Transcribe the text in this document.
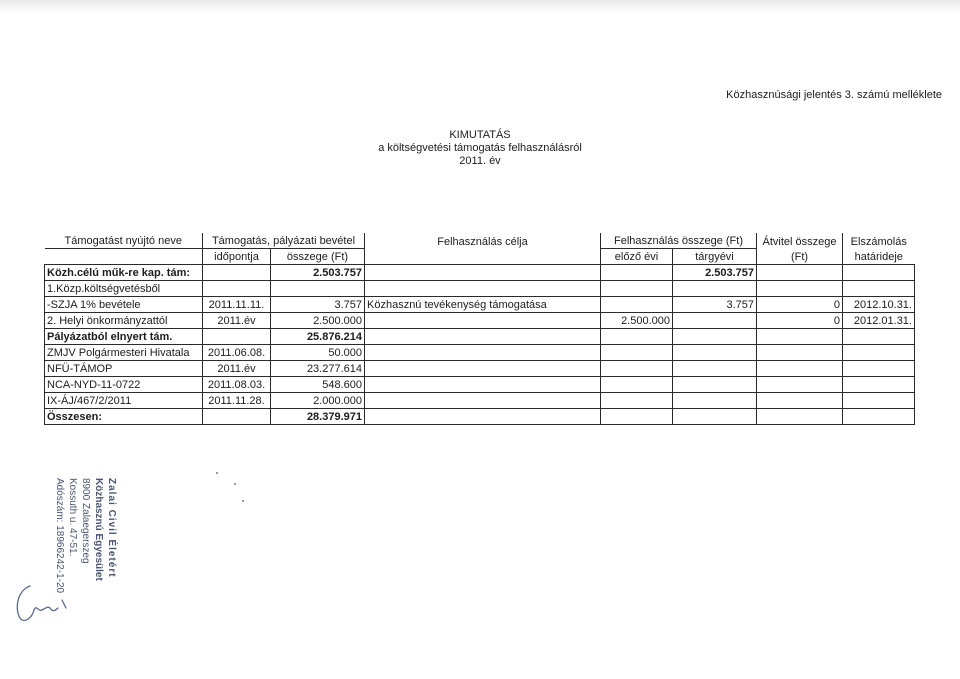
Közhasznúsági jelentés 3. számú melléklete
KIMUTATÁS
a költségvetési támogatás felhasználásról
2011. év
Támogatást nyújtó neve	Támogatás, pályázati bevétel		Felhasználás célja	Felhasználás összege (Ft)		Átvitel összege	Elszámolás
	időpontja	összege (Ft)		előző évi	tárgyévi	(Ft)	határideje
Közh.célú műk-re kap. tám:		2.503.757			2.503.757		
1.Közp.költségvetésből							
-SZJA 1% bevétele	2011.11.11.	3.757	Közhasznú tevékenység támogatása		3.757	0	2012.10.31.
2. Helyi önkormányzattól	2011.év	2.500.000		2.500.000		0	2012.01.31.
Pályázatból elnyert tám.		25.876.214					
ZMJV Polgármesteri Hivatala	2011.06.08.	50.000					
NFÜ-TÁMOP	2011.év	23.277.614					
NCA-NYD-11-0722	2011.08.03.	548.600					
IX-ÁJ/467/2/2011	2011.11.28.	2.000.000					
Összesen:		28.379.971					
Zalai Civil Életért
Közhasznú Egyesület
8900 Zalaegerszeg
Kossuth u. 47-51.
Adószám: 18966242-1-20
